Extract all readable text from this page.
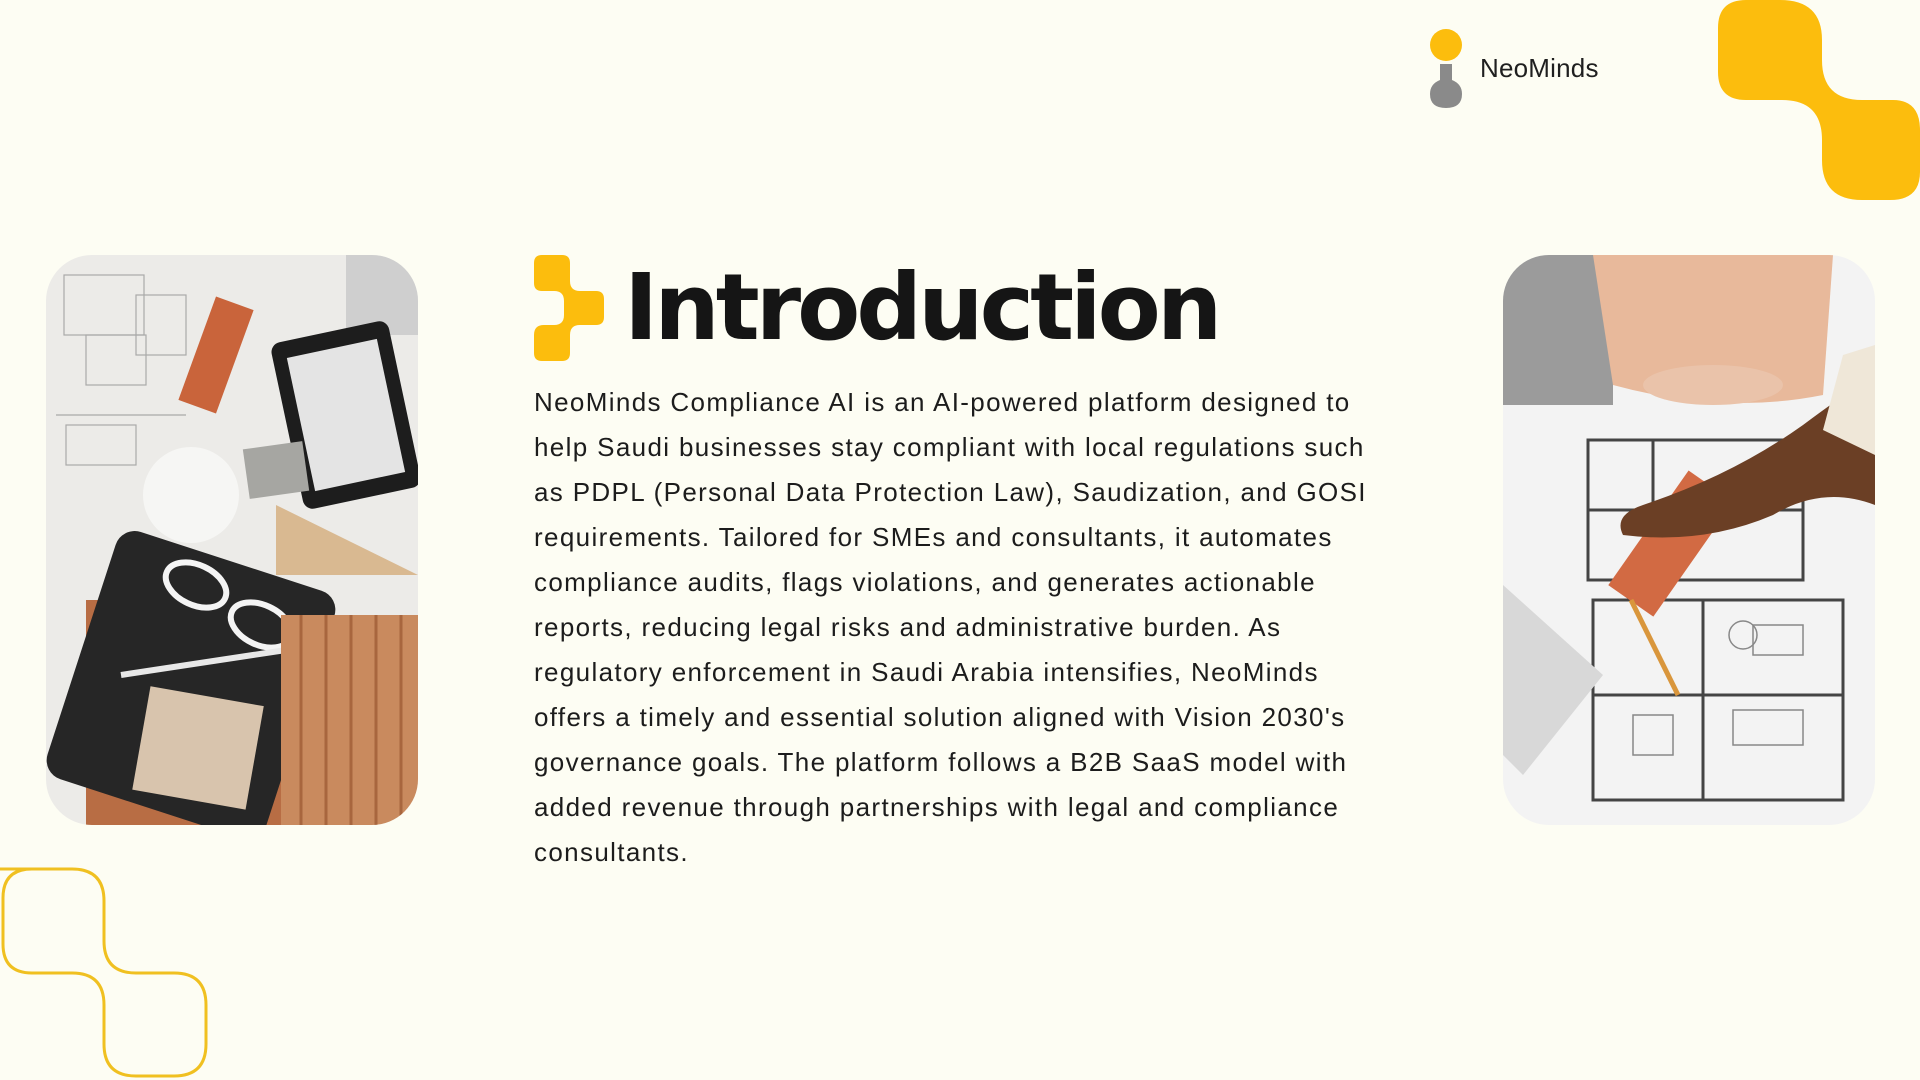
NeoMinds
Introduction

NeoMinds Compliance AI is an AI-powered platform designed to help Saudi businesses stay compliant with local regulations such as PDPL (Personal Data Protection Law), Saudization, and GOSI requirements. Tailored for SMEs and consultants, it automates compliance audits, flags violations, and generates actionable reports, reducing legal risks and administrative burden. As regulatory enforcement in Saudi Arabia intensifies, NeoMinds offers a timely and essential solution aligned with Vision 2030's governance goals. The platform follows a B2B SaaS model with added revenue through partnerships with legal and compliance consultants.
